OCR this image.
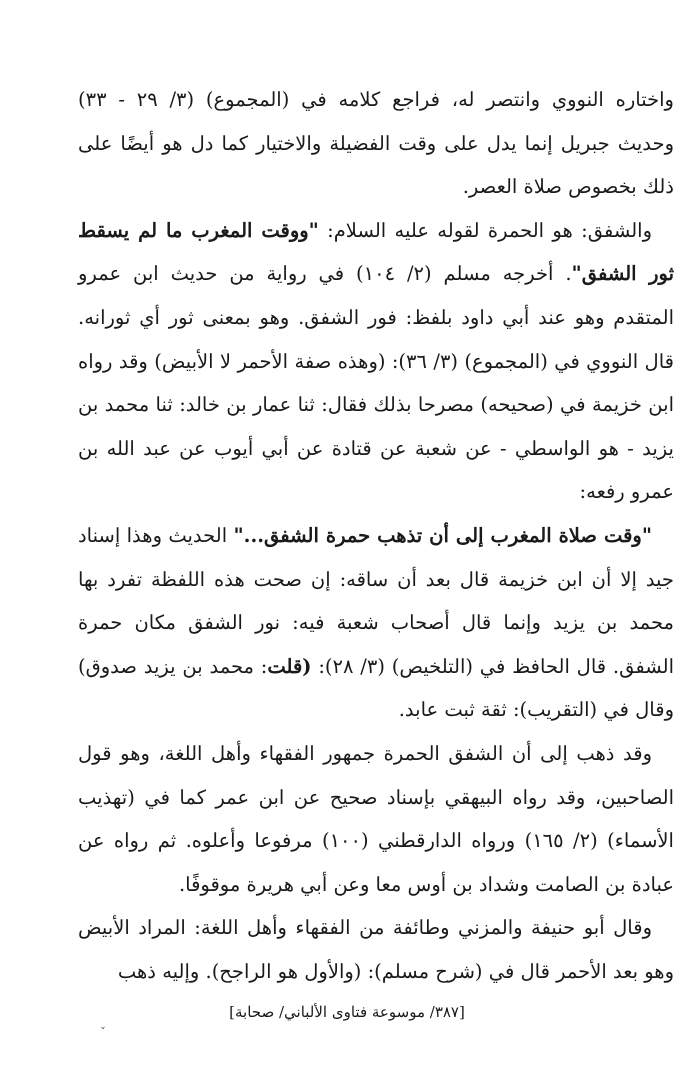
واختاره النووي وانتصر له، فراجع كلامه في (المجموع) (٣/ ٢٩ - ٣٣) وحديث جبريل إنما يدل على وقت الفضيلة والاختيار كما دل هو أيضًا على ذلك بخصوص صلاة العصر.

والشفق: هو الحمرة لقوله عليه السلام: "ووقت المغرب ما لم يسقط ثور الشفق". أخرجه مسلم (٢/ ١٠٤) في رواية من حديث ابن عمرو المتقدم وهو عند أبي داود بلفظ: فور الشفق. وهو بمعنى ثور أي ثورانه. قال النووي في (المجموع) (٣/ ٣٦): (وهذه صفة الأحمر لا الأبيض) وقد رواه ابن خزيمة في (صحيحه) مصرحا بذلك فقال: ثنا عمار بن خالد: ثنا محمد بن يزيد - هو الواسطي - عن شعبة عن قتادة عن أبي أيوب عن عبد الله بن عمرو رفعه:

"وقت صلاة المغرب إلى أن تذهب حمرة الشفق..." الحديث وهذا إسناد جيد إلا أن ابن خزيمة قال بعد أن ساقه: إن صحت هذه اللفظة تفرد بها محمد بن يزيد وإنما قال أصحاب شعبة فيه: نور الشفق مكان حمرة الشفق. قال الحافظ في (التلخيص) (٣/ ٢٨): (قلت: محمد بن يزيد صدوق) وقال في (التقريب): ثقة ثبت عابد.

وقد ذهب إلى أن الشفق الحمرة جمهور الفقهاء وأهل اللغة، وهو قول الصاحبين، وقد رواه البيهقي بإسناد صحيح عن ابن عمر كما في (تهذيب الأسماء) (٢/ ١٦٥) ورواه الدارقطني (١٠٠) مرفوعا وأعلوه. ثم رواه عن عبادة بن الصامت وشداد بن أوس معا وعن أبي هريرة موقوفًا.

وقال أبو حنيفة والمزني وطائفة من الفقهاء وأهل اللغة: المراد الأبيض وهو بعد الأحمر قال في (شرح مسلم): (والأول هو الراجح). وإليه ذهب

[٣٨٧/ موسوعة فتاوى الألباني/ صحابة]
˯
